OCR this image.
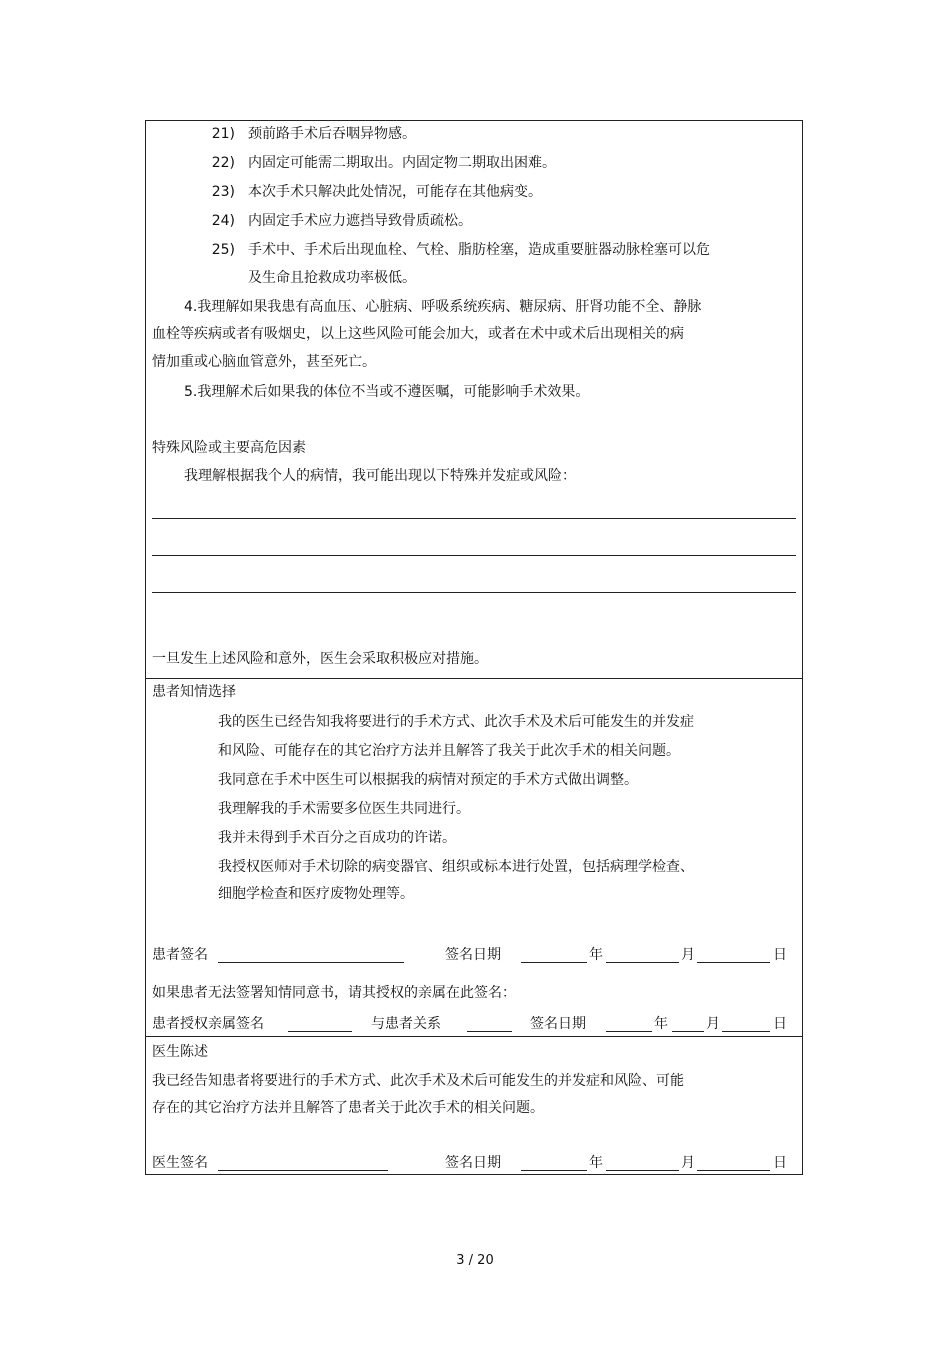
21) 颈前路手术后吞咽异物感。
22) 内固定可能需二期取出。内固定物二期取出困难。
23) 本次手术只解决此处情况，可能存在其他病变。
24) 内固定手术应力遮挡导致骨质疏松。
25) 手术中、手术后出现血栓、气栓、脂肪栓塞，造成重要脏器动脉栓塞可以危
及生命且抢救成功率极低。
4.我理解如果我患有高血压、心脏病、呼吸系统疾病、糖尿病、肝肾功能不全、静脉
血栓等疾病或者有吸烟史，以上这些风险可能会加大，或者在术中或术后出现相关的病
情加重或心脑血管意外，甚至死亡。
5.我理解术后如果我的体位不当或不遵医嘱，可能影响手术效果。
特殊风险或主要高危因素
我理解根据我个人的病情，我可能出现以下特殊并发症或风险：
一旦发生上述风险和意外，医生会采取积极应对措施。
患者知情选择
我的医生已经告知我将要进行的手术方式、此次手术及术后可能发生的并发症
和风险、可能存在的其它治疗方法并且解答了我关于此次手术的相关问题。
我同意在手术中医生可以根据我的病情对预定的手术方式做出调整。
我理解我的手术需要多位医生共同进行。
我并未得到手术百分之百成功的许诺。
我授权医师对手术切除的病变器官、组织或标本进行处置，包括病理学检查、
细胞学检查和医疗废物处理等。
患者签名	签名日期	年	月	日
如果患者无法签署知情同意书，请其授权的亲属在此签名：
患者授权亲属签名	与患者关系	签名日期	年	月	日
医生陈述
我已经告知患者将要进行的手术方式、此次手术及术后可能发生的并发症和风险、可能
存在的其它治疗方法并且解答了患者关于此次手术的相关问题。
医生签名	签名日期	年	月	日
3 / 20
